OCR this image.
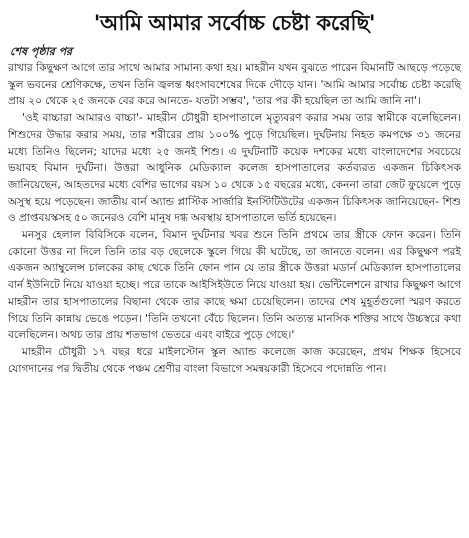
'আমি আমার সর্বোচ্চ চেষ্টা করেছি'
শেষ পৃষ্ঠার পর

রাখার কিছুক্ষণ আগে তার সাথে আমার সামান্য কথা হয়। মাহরীন যখন বুঝতে পারেন বিমানটি আছড়ে পড়েছে স্কুল ভবনের শ্রেণিকক্ষে, তখন তিনি জ্বলন্ত ধ্বংসাবশেষের দিকে দৌড়ে যান। 'আমি আমার সর্বোচ্চ চেষ্টা করেছি প্রায় ২০ থেকে ২৫ জনকে বের করে আনতে- যতটা সম্ভব', 'তার পর কী হয়েছিল তা আমি জানি না'।

'ওই বাচ্চারা আমারও বাচ্চা'- মাহরীন চৌধুরী হাসপাতালে মৃত্যুবরণ করার সময় তার স্বামীকে বলেছিলেন। শিশুদের উদ্ধার করার সময়, তার শরীরের প্রায় ১০০% পুড়ে গিয়েছিল। দুর্ঘটনায় নিহত কমপক্ষে ৩১ জনের মধ্যে তিনিও ছিলেন; যাদের মধ্যে ২৫ জনই শিশু। এ দুর্ঘটনাটি কয়েক দশকের মধ্যে বাংলাদেশের সবচেয়ে ভয়াবহ বিমান দুর্ঘটনা। উত্তরা আধুনিক মেডিক্যাল কলেজ হাসপাতালের কর্তব্যরত একজন চিকিৎসক জানিয়েছেন, আহতদের মধ্যে বেশির ভাগের বয়স ১০ থেকে ১৫ বছরের মধ্যে, কেননা তারা জেট ফুয়েলে পুড়ে অসুস্থ হয়ে পড়েছেন। জাতীয় বার্ন অ্যান্ড প্লাস্টিক সার্জারি ইনস্টিটিউটের একজন চিকিৎসক জানিয়েছেন- শিশু ও প্রাপ্তবয়স্কসহ ৫০ জনেরও বেশি মানুষ দগ্ধ অবস্থায় হাসপাতালে ভর্তি হয়েছেন।

মনসুর হেলাল বিবিসিকে বলেন, বিমান দুর্ঘটনার খবর শুনে তিনি প্রথমে তার স্ত্রীকে ফোন করেন। তিনি কোনো উত্তর না দিলে তিনি তার বড় ছেলেকে স্কুলে গিয়ে কী ঘটেছে, তা জানতে বলেন। এর কিছুক্ষণ পরই একজন অ্যাম্বুলেন্স চালকের কাছ থেকে তিনি ফোন পান যে তার স্ত্রীকে উত্তরা মডার্ন মেডিক্যাল হাসপাতালের বার্ন ইউনিটে নিয়ে যাওয়া হচ্ছে। পরে তাকে আইসিইউতে নিয়ে যাওয়া হয়। ভেন্টিলেশনে রাখার কিছুক্ষণ আগে মাহরীন তার হাসপাতালের বিছানা থেকে তার কাছে ক্ষমা চেয়েছিলেন। তাদের শেষ মুহূর্তগুলো স্মরণ করতে গিয়ে তিনি কান্নায় ভেঙে পড়েন। 'তিনি তখনো বেঁচে ছিলেন। তিনি অত্যন্ত মানসিক শক্তির সাথে উচ্চস্বরে কথা বলেছিলেন। অথচ তার প্রায় শতভাগ ভেতরে এবং বাইরে পুড়ে গেছে।'

মাহরীন চৌধুরী ১৭ বছর ধরে মাইলস্টোন স্কুল অ্যান্ড কলেজে কাজ করেছেন, প্রথম শিক্ষক হিসেবে যোগদানের পর দ্বিতীয় থেকে পঞ্চম শ্রেণীর বাংলা বিভাগে সমন্বয়কারী হিসেবে পদোন্নতি পান।
